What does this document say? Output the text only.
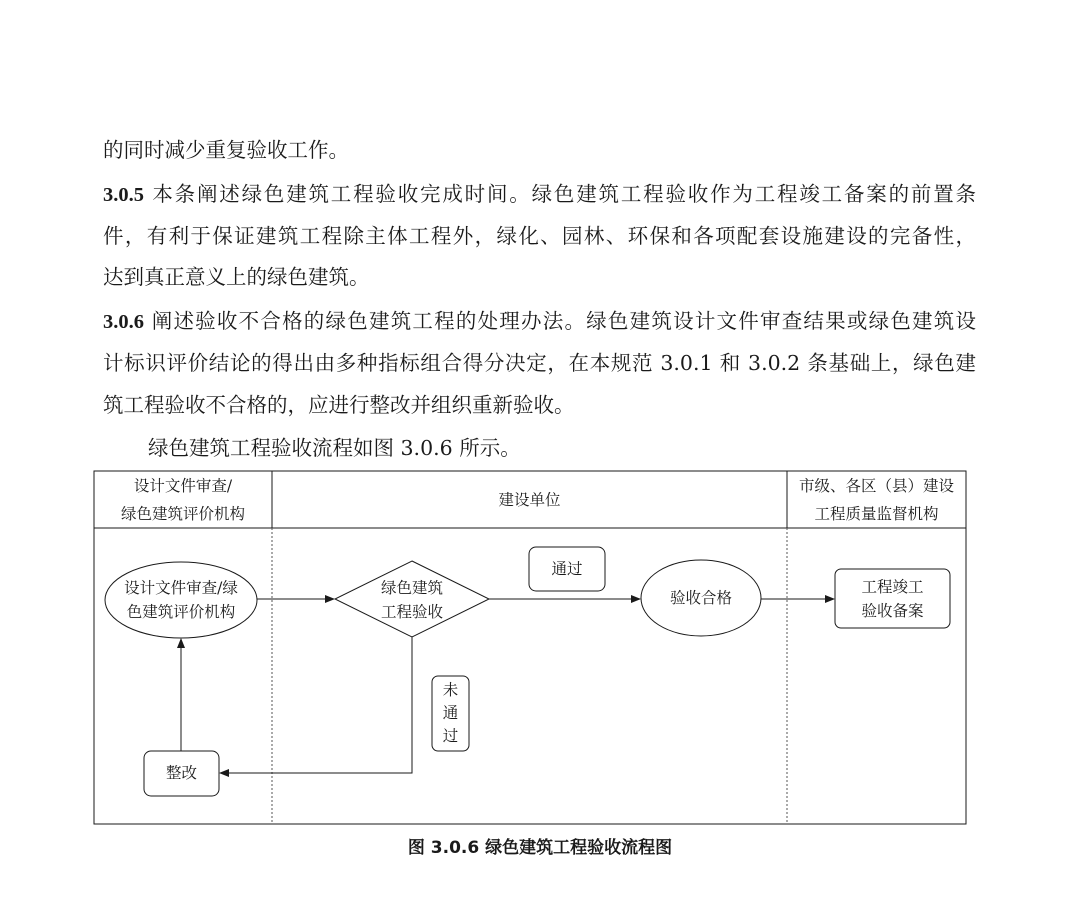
的同时减少重复验收工作。
3.0.5 本条阐述绿色建筑工程验收完成时间。绿色建筑工程验收作为工程竣工备案的前置条
件，有利于保证建筑工程除主体工程外，绿化、园林、环保和各项配套设施建设的完备性，
达到真正意义上的绿色建筑。
3.0.6 阐述验收不合格的绿色建筑工程的处理办法。绿色建筑设计文件审查结果或绿色建筑设
计标识评价结论的得出由多种指标组合得分决定，在本规范 3.0.1 和 3.0.2 条基础上，绿色建
筑工程验收不合格的，应进行整改并组织重新验收。
绿色建筑工程验收流程如图 3.0.6 所示。
设计文件审查/
绿色建筑评价机构
建设单位
市级、各区（县）建设
工程质量监督机构
设计文件审查/绿
色建筑评价机构
绿色建筑
工程验收
通过
验收合格
工程竣工
验收备案
未
通
过
整改
图 3.0.6 绿色建筑工程验收流程图
